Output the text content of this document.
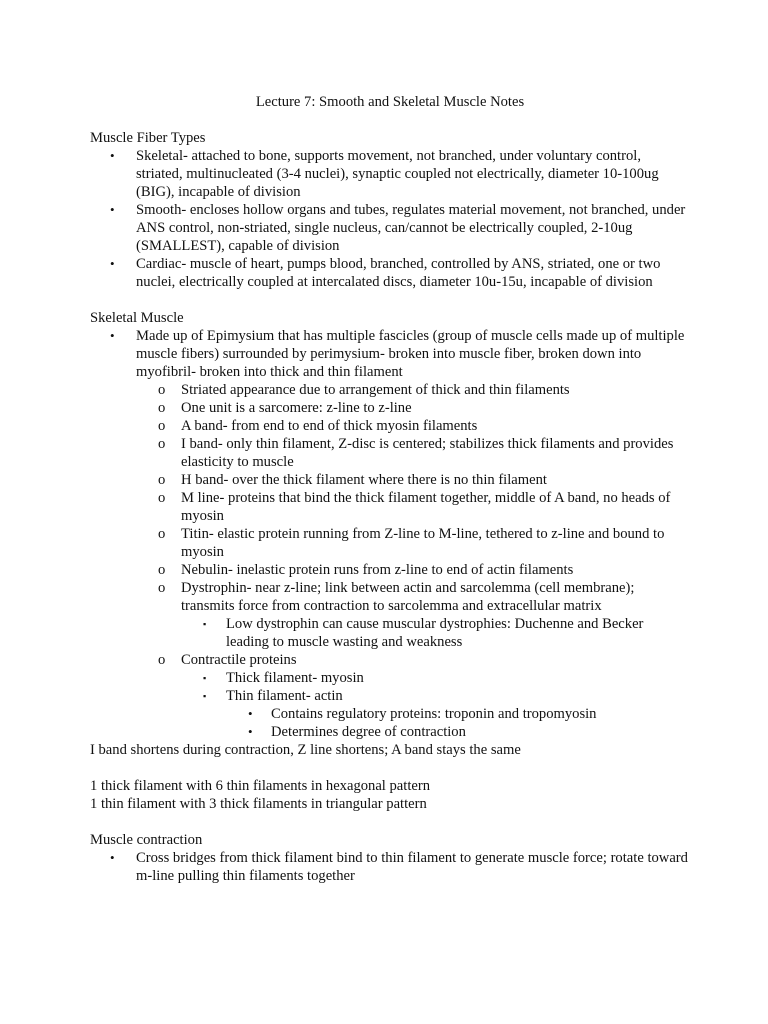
Lecture 7: Smooth and Skeletal Muscle Notes

Muscle Fiber Types

• Skeletal- attached to bone, supports movement, not branched, under voluntary control, striated, multinucleated (3-4 nuclei), synaptic coupled not electrically, diameter 10-100ug (BIG), incapable of division
• Smooth- encloses hollow organs and tubes, regulates material movement, not branched, under ANS control, non-striated, single nucleus, can/cannot be electrically coupled, 2-10ug (SMALLEST), capable of division
• Cardiac- muscle of heart, pumps blood, branched, controlled by ANS, striated, one or two nuclei, electrically coupled at intercalated discs, diameter 10u-15u, incapable of division

Skeletal Muscle

• Made up of Epimysium that has multiple fascicles (group of muscle cells made up of multiple muscle fibers) surrounded by perimysium- broken into muscle fiber, broken down into myofibril- broken into thick and thin filament
o Striated appearance due to arrangement of thick and thin filaments
o One unit is a sarcomere: z-line to z-line
o A band- from end to end of thick myosin filaments
o I band- only thin filament, Z-disc is centered; stabilizes thick filaments and provides elasticity to muscle
o H band- over the thick filament where there is no thin filament
o M line- proteins that bind the thick filament together, middle of A band, no heads of myosin
o Titin- elastic protein running from Z-line to M-line, tethered to z-line and bound to myosin
o Nebulin- inelastic protein runs from z-line to end of actin filaments
o Dystrophin- near z-line; link between actin and sarcolemma (cell membrane); transmits force from contraction to sarcolemma and extracellular matrix
▪ Low dystrophin can cause muscular dystrophies: Duchenne and Becker leading to muscle wasting and weakness
o Contractile proteins
▪ Thick filament- myosin
▪ Thin filament- actin
• Contains regulatory proteins: troponin and tropomyosin
• Determines degree of contraction

I band shortens during contraction, Z line shortens; A band stays the same

1 thick filament with 6 thin filaments in hexagonal pattern

1 thin filament with 3 thick filaments in triangular pattern

Muscle contraction

• Cross bridges from thick filament bind to thin filament to generate muscle force; rotate toward m-line pulling thin filaments together
